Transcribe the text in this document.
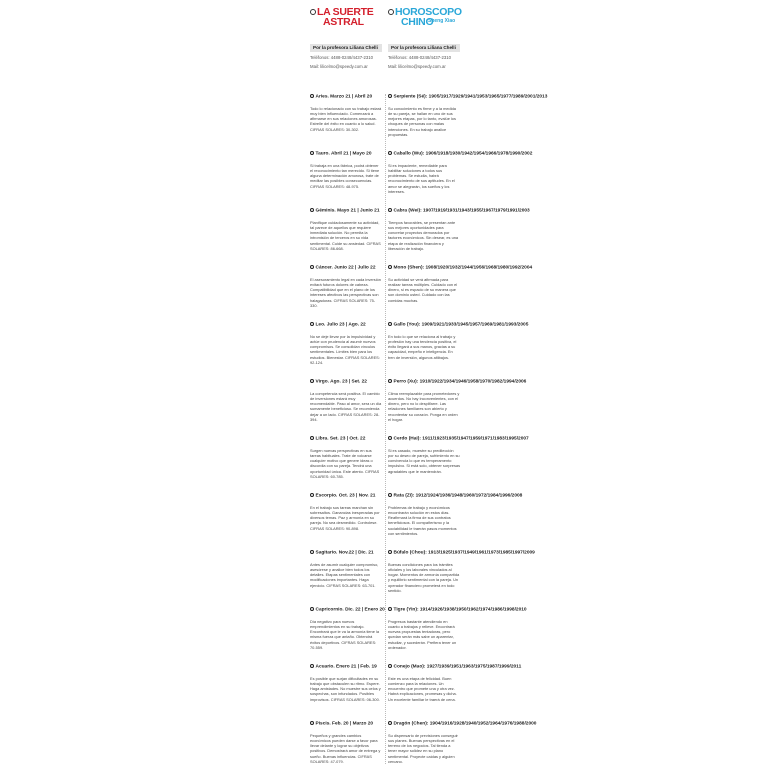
LA SUERTE
ASTRAL
Por la profesora Liliana Chelli
Teléfonos: 4488-0248/4437-2310
Mail: lilicelmo@speedy.com.ar
HOROSCOPO
CHINO
Sheng Xiao
Por la profesora Liliana Chelli
Teléfonos: 4488-0248/4437-2310
Mail: lilicelmo@speedy.com.ar
Aries. Marzo 21 | Abril 20
Todo lo relacionado con su trabajo estará muy bien influenciado. Comenzará a afirmarse en sus relaciones amorosas. Estrelle del éxito en cuanto a lo salud. CIFRAS SOLARES: 30-302.
Tauro. Abril 21 | Mayo 20
Si trabaja en una fábrica, podrá obtener el reconocimiento tan merecido. Si tiene alguna determinación amorosa, trate de meditar las posibles consecuencias. CIFRAS SOLARES: 48-975.
Géminis. Mayo 21 | Junio 21
Planifique cuidadosamente su actividad, tal parece de aquellos que requiere inmediata solución. No permita la intromisión de terceros en su vida sentimental. Cuide su ansiedad. CIFRAS SOLARES: 86-668.
Cáncer. Junio 22 | Julio 22
El asesoramiento legal en cada inversión evitará futuros dolores de cabeza. Compatibilidad que en el plano de los intereses afectivos las perspectivas son halagadoras. CIFRAS SOLARES: 75-330.
Leo. Julio 23 | Ago. 22
No se deje llevar por la impulsividad y actúe con prudencia al asumir nuevos compromisos. Se consolidan vínculos sentimentales. Límites bien para los estudios. Bienestar. CIFRAS SOLARES: 92-124.
Virgo. Ago. 23 | Set. 22
La competencia será positiva. El cambio de inversiones estará muy recomendable. Paso al amor, sera un día sumamente beneficioso. Se recomienda dejar a un lado. CIFRAS SOLARES: 28-394.
Libra. Set. 23 | Oct. 22
Surgen nuevas perspectivas en sus tareas habituales. Trate de volcarse cualquier motivo que genere ideas o discordia con su pareja. Tendrá una oportunidad única. Este atento. CIFRAS SOLARES: 60-785.
Escorpio. Oct. 23 | Nov. 21
En el trabajo sus tareas marchan sin sobresaltos. Ganancias inesperadas por diversos temas. Paz y armonía en su pareja. No sea desmedido. Controlese. CIFRAS SOLARES: 90-898.
Sagitario. Nov.22 | Dic. 21
Antes de asumir cualquier compromiso, asesórese y analice bien todos los detalles. Etapas sentimentales con modificaciones importantes. Haga ejercicio. CIFRAS SOLARES: 63-701.
Capricornio. Dic. 22 | Enero 20
Día negativo para nuevos emprendimientos en su trabajo. Encontrará que le va la armonía tiene la misma fuerza que antaño. Obtendrá éxitos deportivos. CIFRAS SOLARES: 70-559.
Acuario. Enero 21 | Feb. 19
Es posible que surjan dificultades en su trabajo que obstaculen su ritmo. Espere. Haga amistades. No muestre sus celos y sospechas, son infundados. Posibles improvisos. CIFRAS SOLARES: 06-300.
Piscis. Feb. 20 | Marzo 20
Pequeños y grandes cambios económicos pueden darse a favor para llevar delante y lograr su objetivos positivos. Demostrará amor de entrega y sueño. Buenas influencias. CIFRAS SOLARES: 47-079.
Serpiente (Sé): 1905/1917/1929/1941/1953/1965/1977/1989/2001/2013
Su conocimiento es firme y a la medida de su pareja, se hallan en uno de sus mejores etapas, por lo tanto, evalúe los choques de personas con malas intenciones. En su trabajo analice propuestas.
Caballo (Wu): 1906/1918/1930/1942/1954/1966/1978/1990/2002
Si es impaciente, remediable para habilitar soluciones a todos sus problemas. Se estudia, habrá reconocimiento de sus aptitudes. En el amor se alegrarán, los sueños y los intereses.
Cabra (Wei): 1907/1919/1931/1943/1955/1967/1979/1991/2003
Tiempos favorables, se presentan ante sus mejores oportunidades para concretar proyectos demorados por factores económicos. Sin desear, es una etapa de realización financiera y liberación de trabajo.
Mono (Shen): 1908/1920/1932/1944/1956/1968/1980/1992/2004
Su actividad se verá afirmada para realizar tareas múltiples. Cuidado con el dinero, si es espacio de su manera que son dominio usted. Cuidado con las comidas muchas.
Gallo (You): 1909/1921/1933/1945/1957/1969/1981/1993/2005
En todo lo que se relaciona al trabajo y profesión hay una tendencia positiva, el éxito llegará a sus manos, gracias a su capacidad, empeño e inteligencia. En tren de inversión, algunos altibajos.
Perro (Xu): 1910/1922/1934/1946/1958/1970/1982/1994/2006
Clima reemplazable para prometedores y acuerdos. No hay inconvenientes, con el dinero, pero no lo despilfarre. Las relaciones familiares son abierto y recontentar su corazón. Ponga en orden el hogar.
Cerdo (Hai): 1911/1923/1935/1947/1959/1971/1983/1995/2007
Si es casado, muestre su predilección por su deseo de pareja, sufrimiento en su convivencia lo que es temperamento impulsivo. Si está solo, obtener sorpresas agradables que le mantendrán.
Rata (Zi): 1912/1924/1936/1948/1960/1972/1984/1996/2008
Problemas de trabajo y económicos encontrarán solución en estos días. Reafirmará la firma de sus contratos beneficiosos. El compañerismo y la sociabilidad le traerán pasos momentos con sentimientos.
Búfalo (Chou): 1913/1925/1937/1949/1961/1973/1985/1997/2009
Buenas condiciones para los trámites oficiales y los laborales vinculados al hogar. Momentos de armonía compartida y equilibrio sentimental con la pareja. Un operador financiero prometerá en todo sentido.
Tigre (Yin): 1914/1926/1938/1950/1962/1974/1986/1998/2010
Progresos bastante atendiendo en cuanto a trabajos y relieve. Encontrará nuevas propuestas tentadoras, pero quedan serán más sabe un aparentar, estudiar, y sucederán. Prefiera tener un ordenador.
Conejo (Mao): 1927/1939/1951/1963/1975/1987/1999/2011
Este es una etapa de felicidad. Buen comienzo para la relaciones. Un encuentro que promete una y otra vez. Habrá explicaciones, promesas y dicha. Un excelente familiar le traerá de cena.
Dragón (Chen): 1904/1916/1928/1940/1952/1964/1976/1988/2000
Su dispensario de previsiones conseguir sus planes. Buenas perspectivas en el terreno de los negocios. Tal tienda a tener mayor solidez en su plano sentimental. Proyecte caídas y alguien cercano.
